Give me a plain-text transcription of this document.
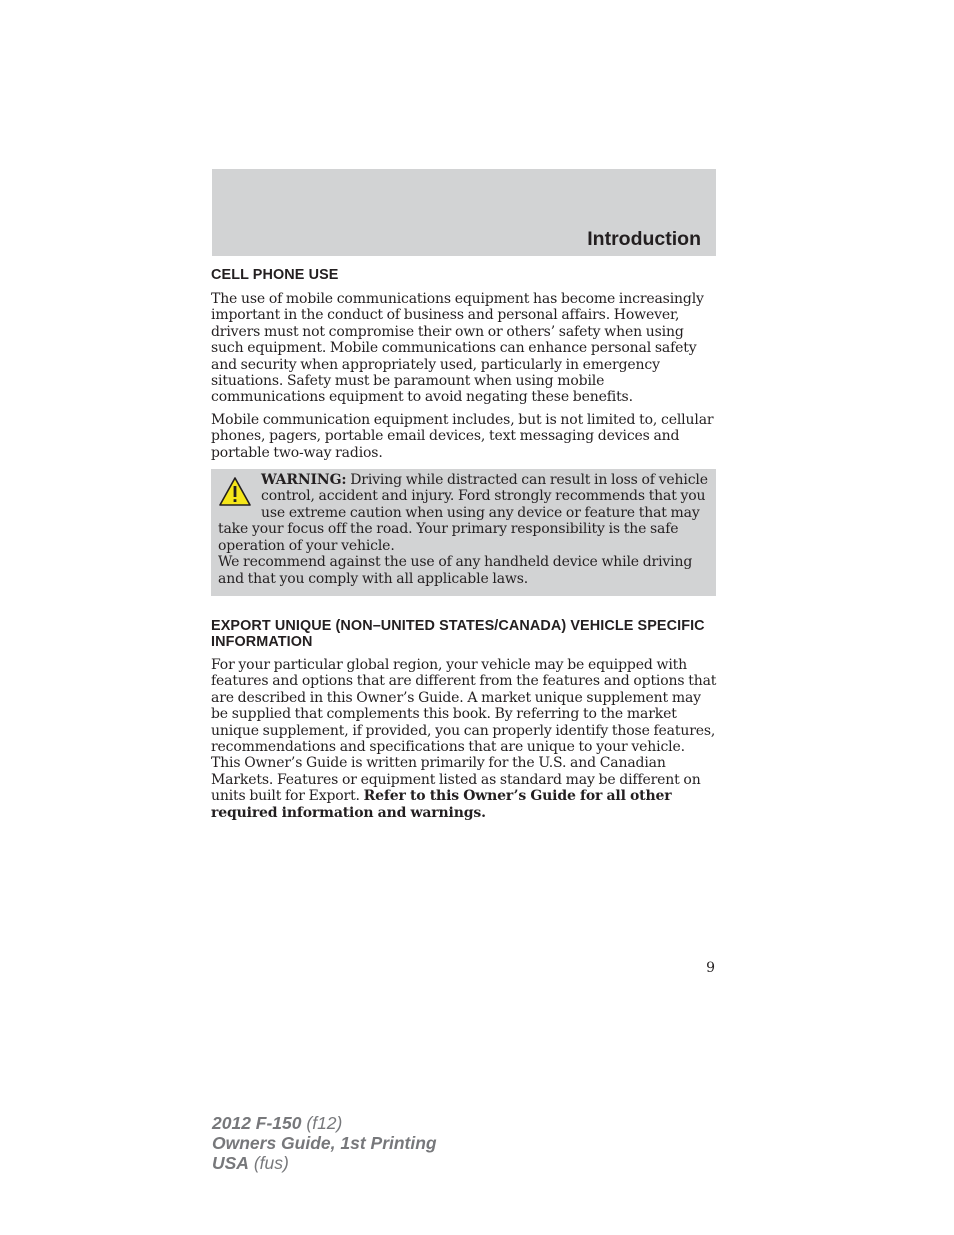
Introduction
CELL PHONE USE

The use of mobile communications equipment has become increasingly important in the conduct of business and personal affairs. However, drivers must not compromise their own or others’ safety when using such equipment. Mobile communications can enhance personal safety and security when appropriately used, particularly in emergency situations. Safety must be paramount when using mobile communications equipment to avoid negating these benefits.

Mobile communication equipment includes, but is not limited to, cellular phones, pagers, portable email devices, text messaging devices and portable two-way radios.

WARNING: Driving while distracted can result in loss of vehicle control, accident and injury. Ford strongly recommends that you use extreme caution when using any device or feature that may take your focus off the road. Your primary responsibility is the safe operation of your vehicle.
We recommend against the use of any handheld device while driving and that you comply with all applicable laws.
EXPORT UNIQUE (NON–UNITED STATES/CANADA) VEHICLE SPECIFIC INFORMATION

For your particular global region, your vehicle may be equipped with features and options that are different from the features and options that are described in this Owner’s Guide. A market unique supplement may be supplied that complements this book. By referring to the market unique supplement, if provided, you can properly identify those features, recommendations and specifications that are unique to your vehicle. This Owner’s Guide is written primarily for the U.S. and Canadian Markets. Features or equipment listed as standard may be different on units built for Export. Refer to this Owner’s Guide for all other required information and warnings.

9
2012 F-150 (f12)
Owners Guide, 1st Printing
USA (fus)
